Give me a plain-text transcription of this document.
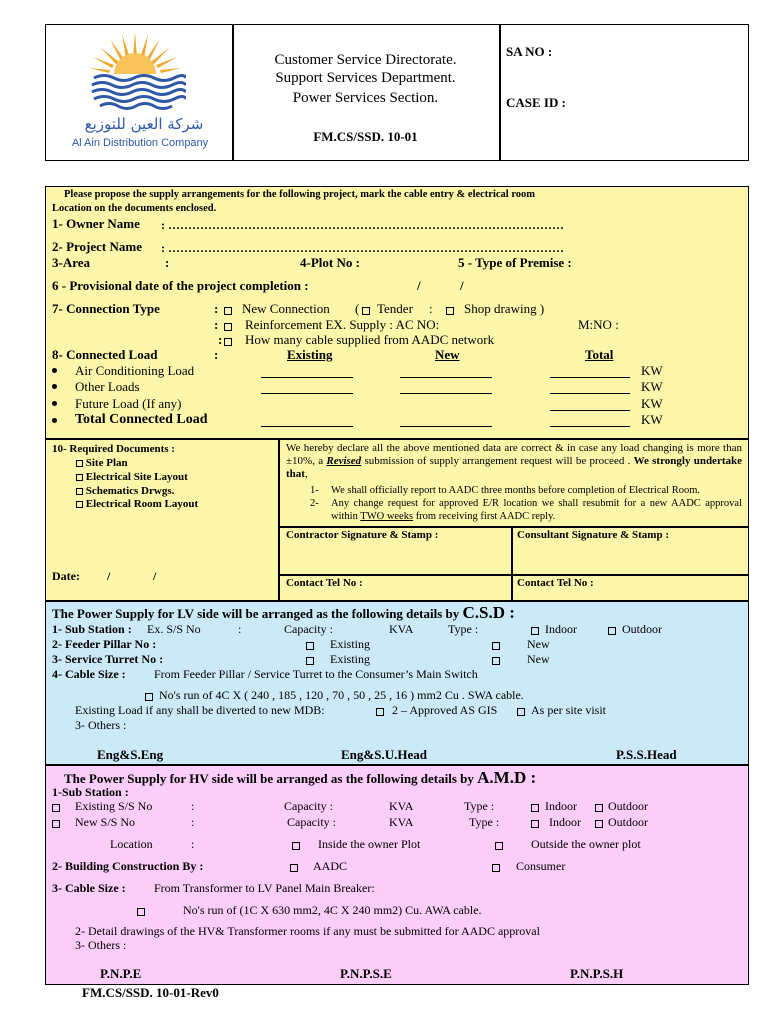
شركة العين للتوزيع
Al Ain Distribution Company
Customer Service Directorate.
Support Services Department.
Power Services Section.
FM.CS/SSD. 10-01
SA NO :
CASE ID :
Please propose the supply arrangements for the following project, mark the cable entry & electrical room
Location on the documents enclosed.
1- Owner Name : ………………………………………………………………………………………
2- Project Name : ………………………………………………………………………………………
3-Area	:	4-Plot No :	5 - Type of Premise :
6 - Provisional date of the project completion :	/	/
7- Connection Type	: New Connection ( Tender : Shop drawing )
: Reinforcement EX. Supply : AC NO:	M:NO :
: How many cable supplied from AADC network
8- Connected Load	:	Existing	New	Total
Air Conditioning Load	KW
Other Loads	KW
Future Load (If any)	KW
Total Connected Load	KW
10- Required Documents :
Site Plan
Electrical Site Layout
Schematics Drwgs.
Electrical Room Layout
Date: /	/
We hereby declare all the above mentioned data are correct & in case any load changing is more than ±10%, a Revised submission of supply arrangement request will be proceed . We strongly undertake that,
1- We shall officially report to AADC three months before completion of Electrical Room.
2- Any change request for approved E/R location we shall resubmit for a new AADC approval within TWO weeks from receiving first AADC reply.
Contractor Signature & Stamp :	Consultant Signature & Stamp :
Contact Tel No :	Contact Tel No :
The Power Supply for LV side will be arranged as the following details by C.S.D :
1- Sub Station : Ex. S/S No	:	Capacity :	KVA	Type :	Indoor	Outdoor
2- Feeder Pillar No :	Existing	New
3- Service Turret No :	Existing	New
4- Cable Size : From Feeder Pillar / Service Turret to the Consumer’s Main Switch
No's run of 4C X ( 240 , 185 , 120 , 70 , 50 , 25 , 16 ) mm2 Cu . SWA cable.
Existing Load if any shall be diverted to new MDB:	2 – Approved AS GIS	As per site visit
3- Others :
Eng&S.Eng	Eng&S.U.Head	P.S.S.Head
The Power Supply for HV side will be arranged as the following details by A.M.D :
1-Sub Station :
Existing S/S No	:	Capacity :	KVA	Type :	Indoor	Outdoor
New S/S No	:	Capacity :	KVA	Type :	Indoor Outdoor
Location	:	Inside the owner Plot	Outside the owner plot
2- Building Construction By :	AADC	Consumer
3- Cable Size : From Transformer to LV Panel Main Breaker:
No's run of (1C X 630 mm2, 4C X 240 mm2) Cu. AWA cable.
2- Detail drawings of the HV& Transformer rooms if any must be submitted for AADC approval
3- Others :
P.N.P.E	P.N.P.S.E	P.N.P.S.H
FM.CS/SSD. 10-01-Rev0
